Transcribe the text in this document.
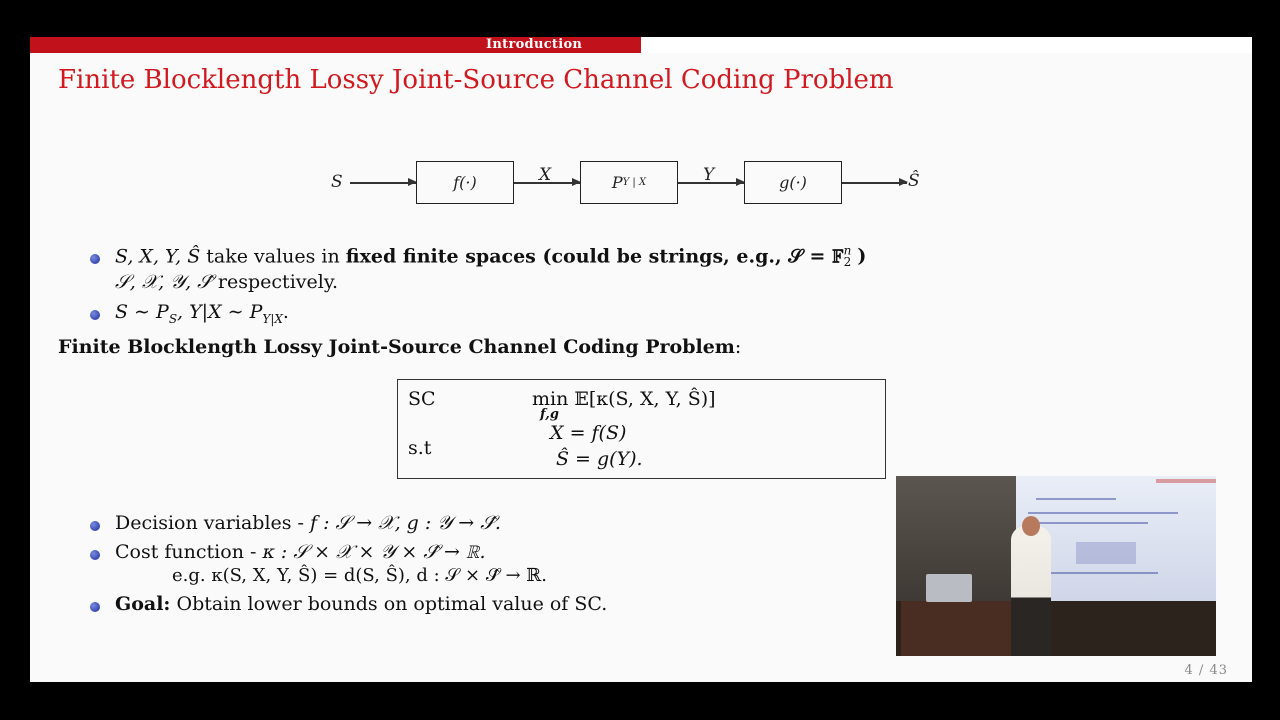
Introduction
Finite Blocklength Lossy Joint-Source Channel Coding Problem
S	f(·)	X	P Y | X	Y	g(·)	Ŝ
S, X, Y, Ŝ take values in fixed finite spaces (could be strings, e.g., 𝒮 = 𝔽$^n$
2 )
𝒮, 𝒳, 𝒴, 𝒮̂ respectively.
S ∼ $P_S$, Y|X ∼ $P_{Y|X}$.
Finite Blocklength Lossy Joint-Source Channel Coding Problem:
SC	min 𝔼[κ(S, X, Y, Ŝ)]
f,g
s.t
X = f(S)
Ŝ = g(Y).
Decision variables - f : 𝒮 → 𝒳, g : 𝒴 → 𝒮̂.
Cost function - κ : 𝒮 × 𝒳 × 𝒴 × 𝒮̂ → ℝ.
e.g. κ(S, X, Y, Ŝ) = d(S, Ŝ), d : 𝒮 × 𝒮̂ → ℝ.
Goal: Obtain lower bounds on optimal value of SC.
4 / 43
